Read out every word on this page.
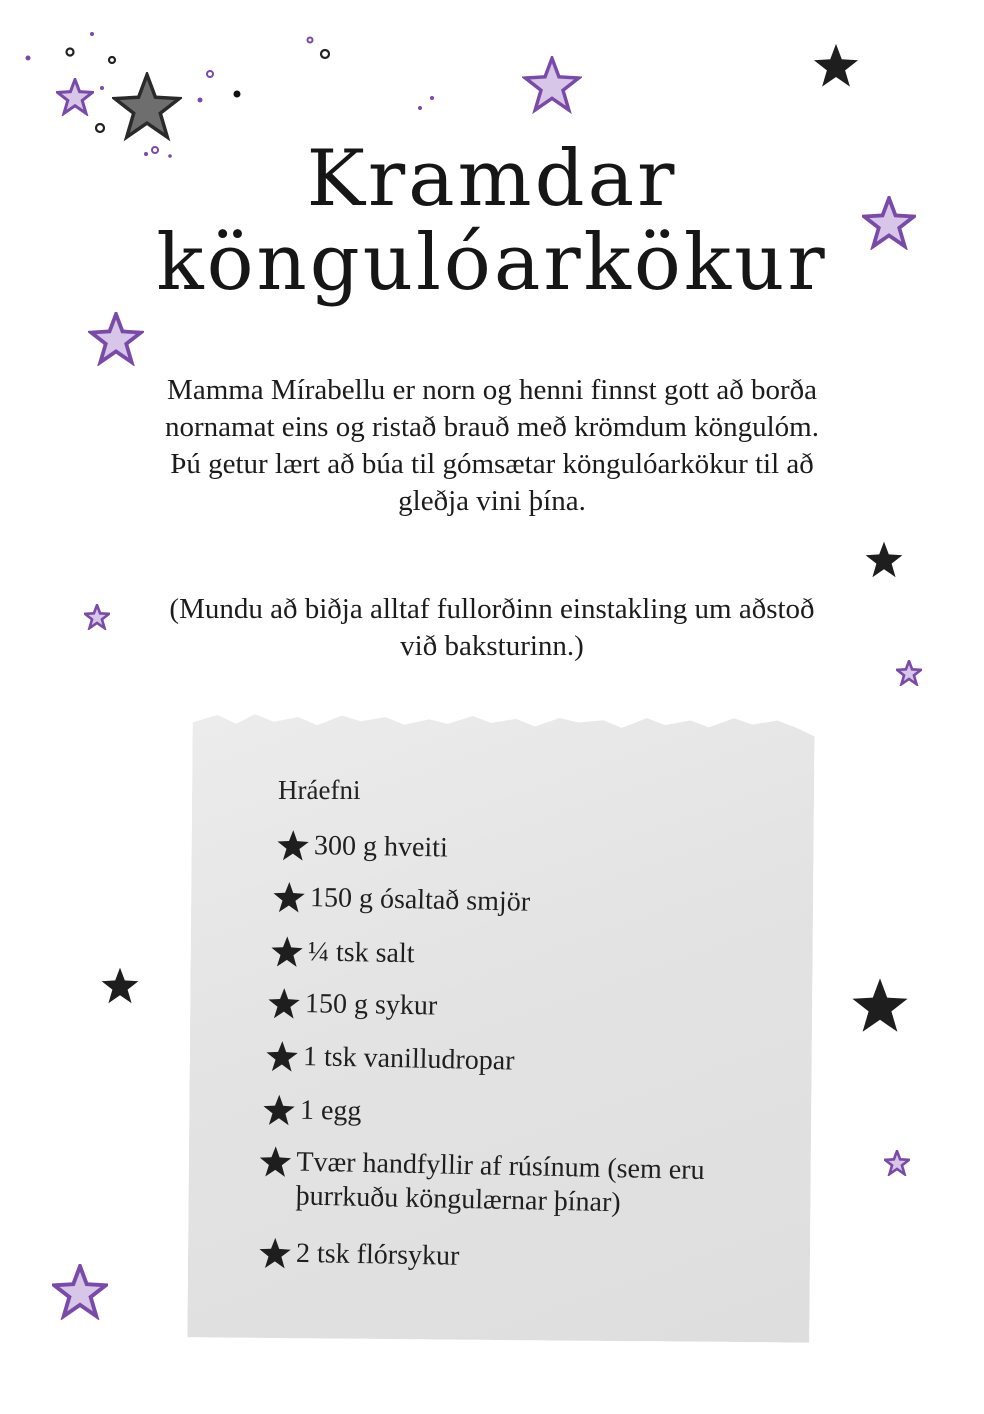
Kramdar
köngulóarkökur

Mamma Mírabellu er norn og henni finnst gott að borða nornamat eins og ristað brauð með krömdum köngulóm. Þú getur lært að búa til gómsætar köngulóarkökur til að gleðja vini þína.

(Mundu að biðja alltaf fullorðinn einstakling um aðstoð við baksturinn.)

Hráefni
300 g hveiti
150 g ósaltað smjör
¼ tsk salt
150 g sykur
1 tsk vanilludropar
1 egg
Tvær handfyllir af rúsínum (sem eru þurrkuðu köngulærnar þínar)
2 tsk flórsykur
